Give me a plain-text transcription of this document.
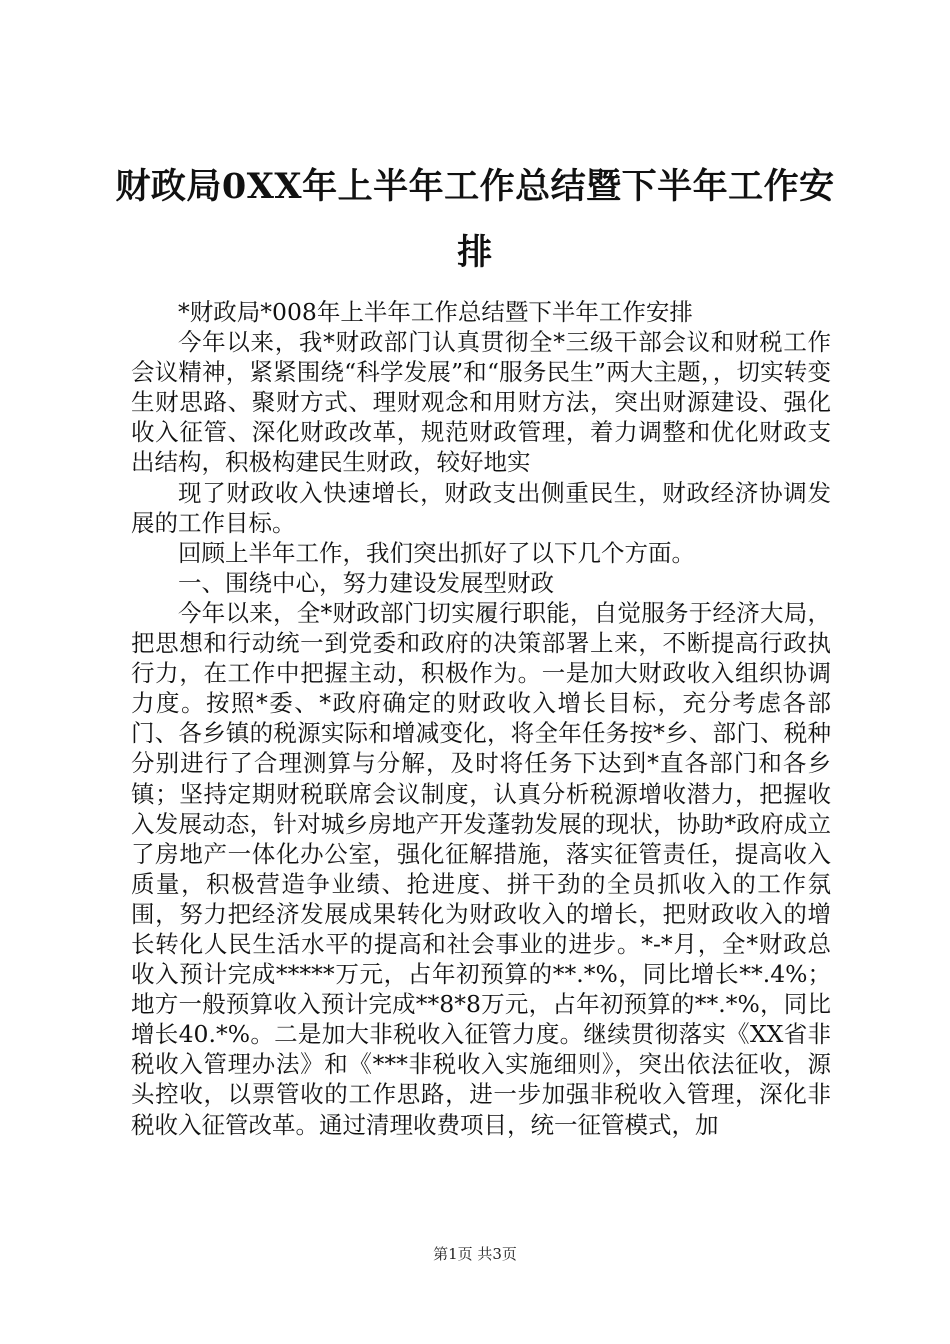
财政局0XX年上半年工作总结暨下半年工作安排

*财政局*008年上半年工作总结暨下半年工作安排

今年以来，我*财政部门认真贯彻全*三级干部会议和财税工作会议精神，紧紧围绕“科学发展”和“服务民生”两大主题，，切实转变生财思路、聚财方式、理财观念和用财方法，突出财源建设、强化收入征管、深化财政改革，规范财政管理，着力调整和优化财政支出结构，积极构建民生财政，较好地实

现了财政收入快速增长，财政支出侧重民生，财政经济协调发展的工作目标。

回顾上半年工作，我们突出抓好了以下几个方面。

一、围绕中心，努力建设发展型财政

今年以来，全*财政部门切实履行职能，自觉服务于经济大局，把思想和行动统一到党委和政府的决策部署上来，不断提高行政执行力，在工作中把握主动，积极作为。一是加大财政收入组织协调力度。按照*委、*政府确定的财政收入增长目标，充分考虑各部门、各乡镇的税源实际和增减变化，将全年任务按*乡、部门、税种分别进行了合理测算与分解，及时将任务下达到*直各部门和各乡镇；坚持定期财税联席会议制度，认真分析税源增收潜力，把握收入发展动态，针对城乡房地产开发蓬勃发展的现状，协助*政府成立了房地产一体化办公室，强化征解措施，落实征管责任，提高收入质量，积极营造争业绩、抢进度、拼干劲的全员抓收入的工作氛围，努力把经济发展成果转化为财政收入的增长，把财政收入的增长转化人民生活水平的提高和社会事业的进步。*-*月，全*财政总收入预计完成*****万元，占年初预算的**.*%，同比增长**.4%；地方一般预算收入预计完成**8*8万元，占年初预算的**.*%，同比增长40.*%。二是加大非税收入征管力度。继续贯彻落实《XX省非税收入管理办法》和《***非税收入实施细则》，突出依法征收，源头控收，以票管收的工作思路，进一步加强非税收入管理，深化非税收入征管改革。通过清理收费项目，统一征管模式，加

第1页 共3页
